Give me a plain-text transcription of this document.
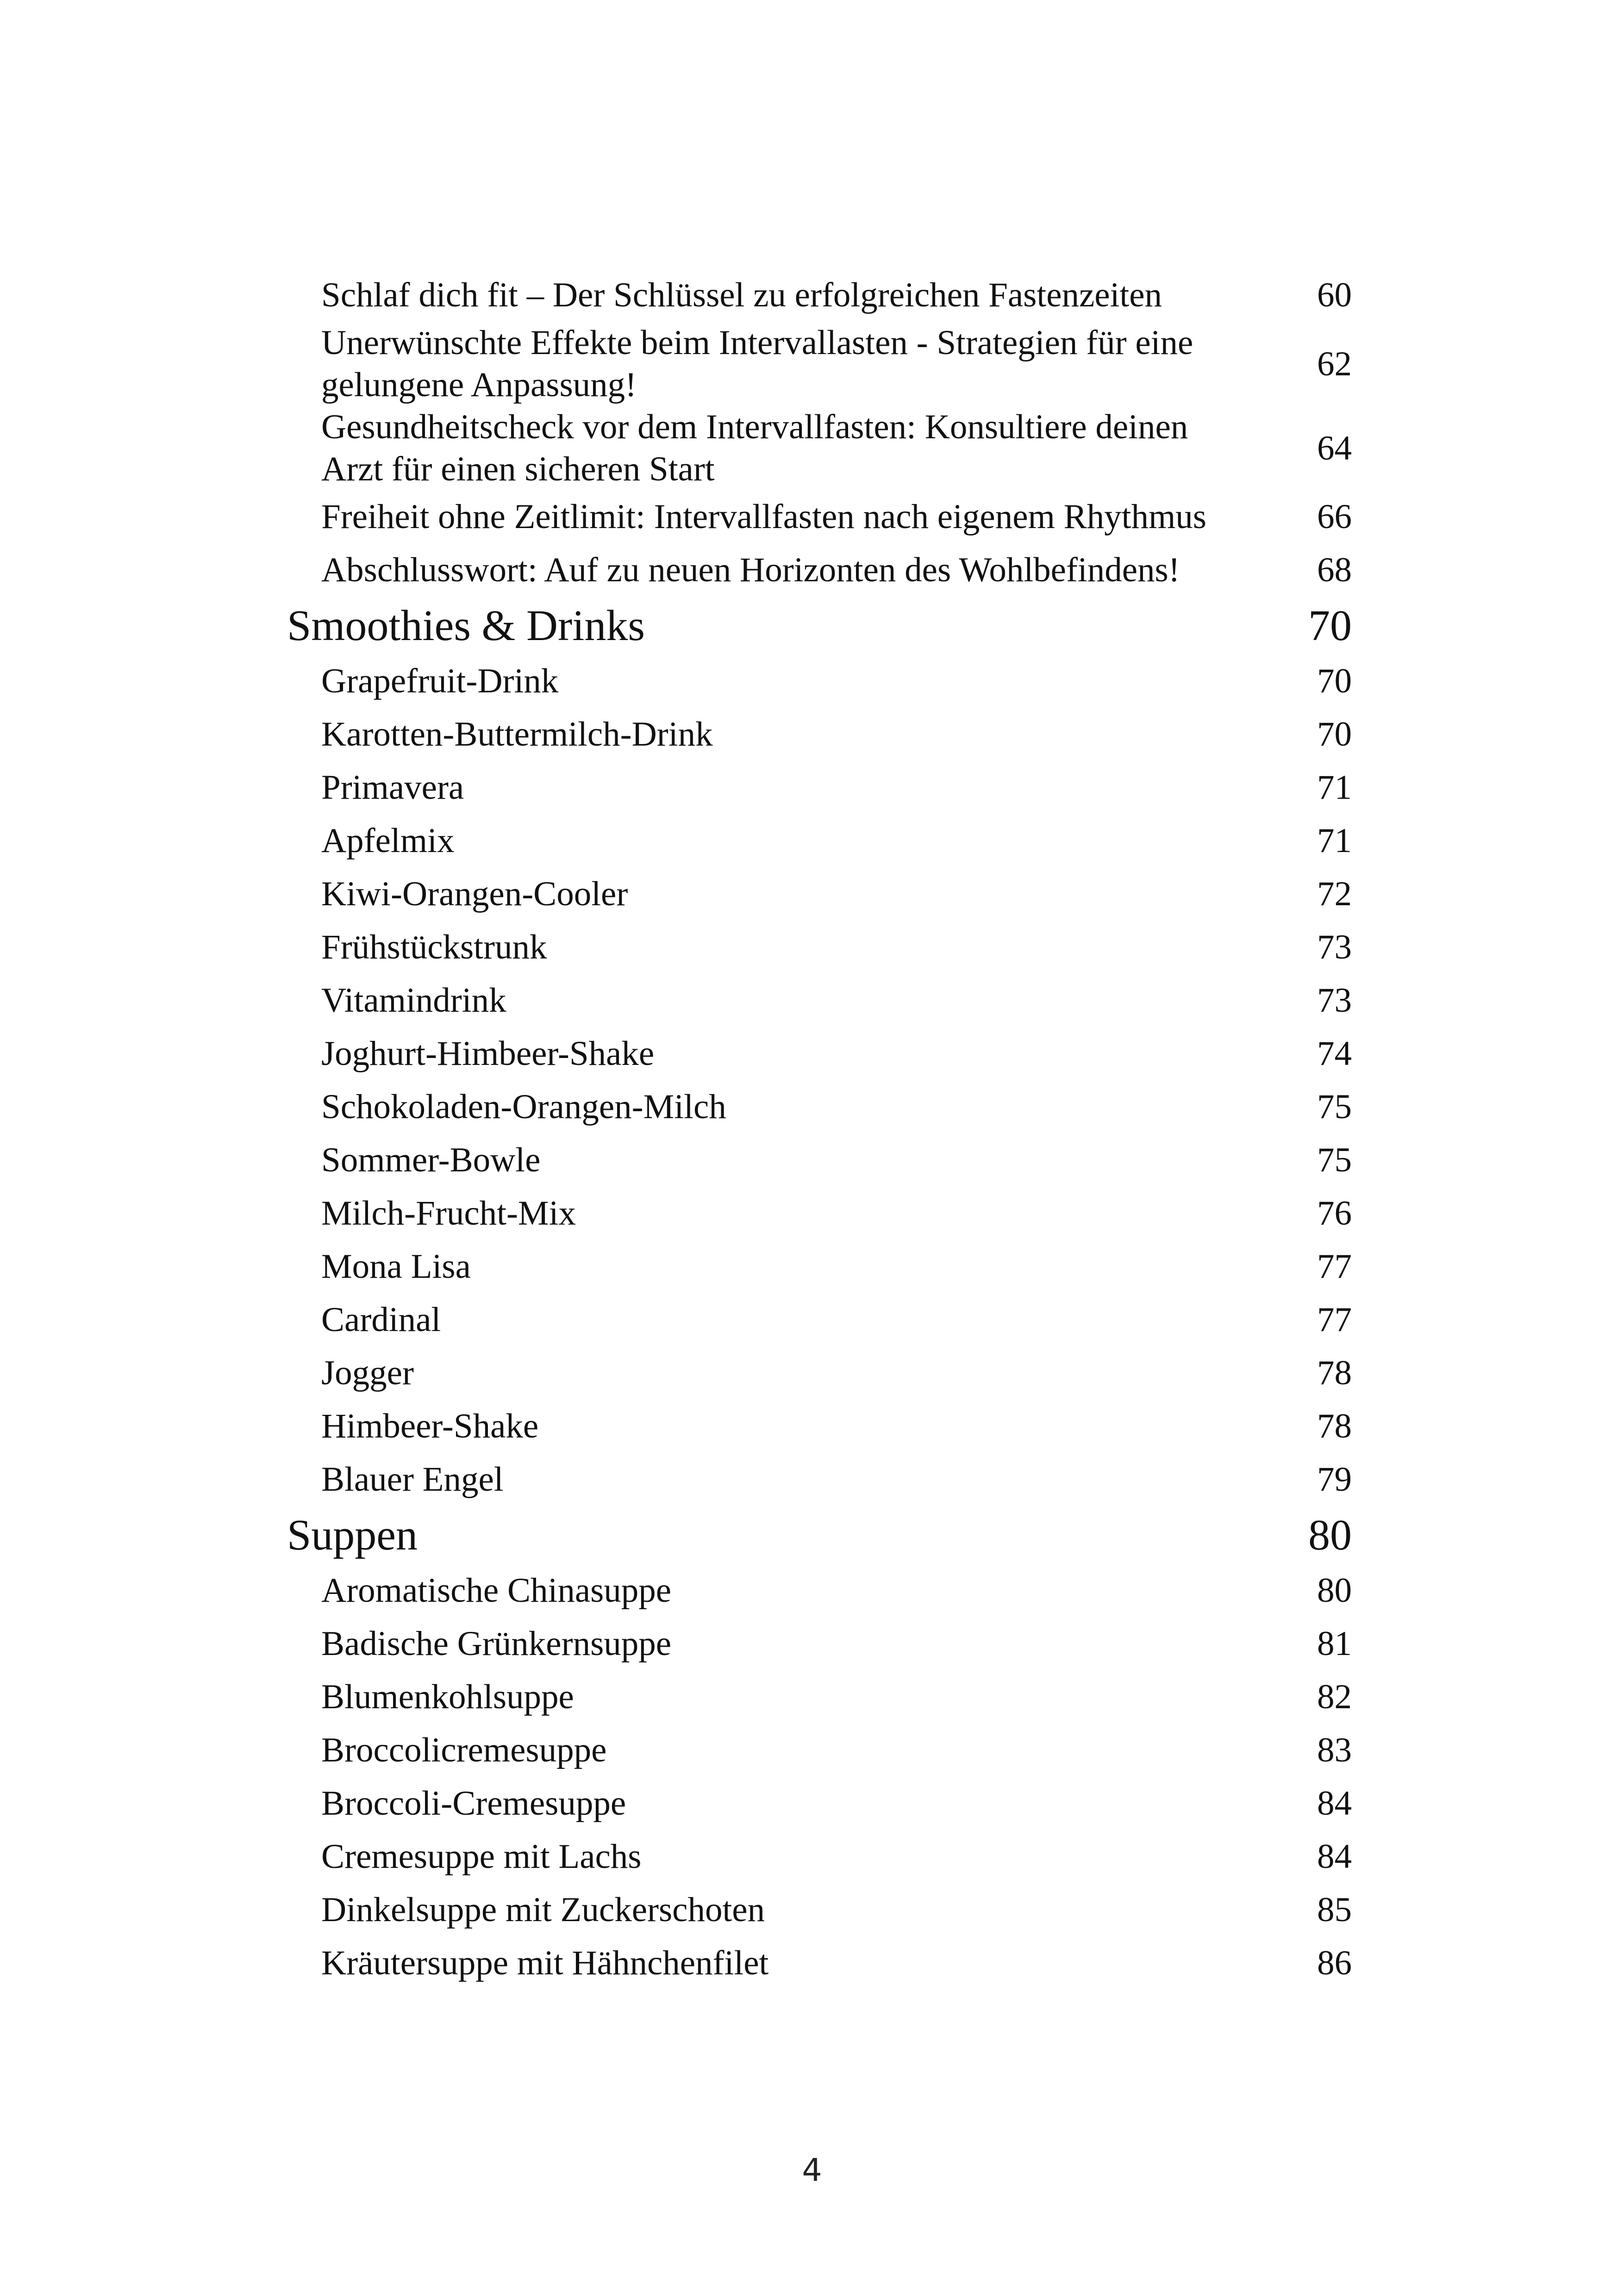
Schlaf dich fit – Der Schlüssel zu erfolgreichen Fastenzeiten	60
Unerwünschte Effekte beim Intervallasten - Strategien für eine gelungene Anpassung!
62
Gesundheitscheck vor dem Intervallfasten: Konsultiere deinen Arzt für einen sicheren Start
64
Freiheit ohne Zeitlimit: Intervallfasten nach eigenem Rhythmus	66
Abschlusswort: Auf zu neuen Horizonten des Wohlbefindens!	68
Smoothies & Drinks	70
Grapefruit-Drink	70
Karotten-Buttermilch-Drink	70
Primavera	71
Apfelmix	71
Kiwi-Orangen-Cooler	72
Frühstückstrunk	73
Vitamindrink	73
Joghurt-Himbeer-Shake	74
Schokoladen-Orangen-Milch	75
Sommer-Bowle	75
Milch-Frucht-Mix	76
Mona Lisa	77
Cardinal	77
Jogger	78
Himbeer-Shake	78
Blauer Engel	79
Suppen	80
Aromatische Chinasuppe	80
Badische Grünkernsuppe	81
Blumenkohlsuppe	82
Broccolicremesuppe	83
Broccoli-Cremesuppe	84
Cremesuppe mit Lachs	84
Dinkelsuppe mit Zuckerschoten	85
Kräutersuppe mit Hähnchenfilet	86
4
